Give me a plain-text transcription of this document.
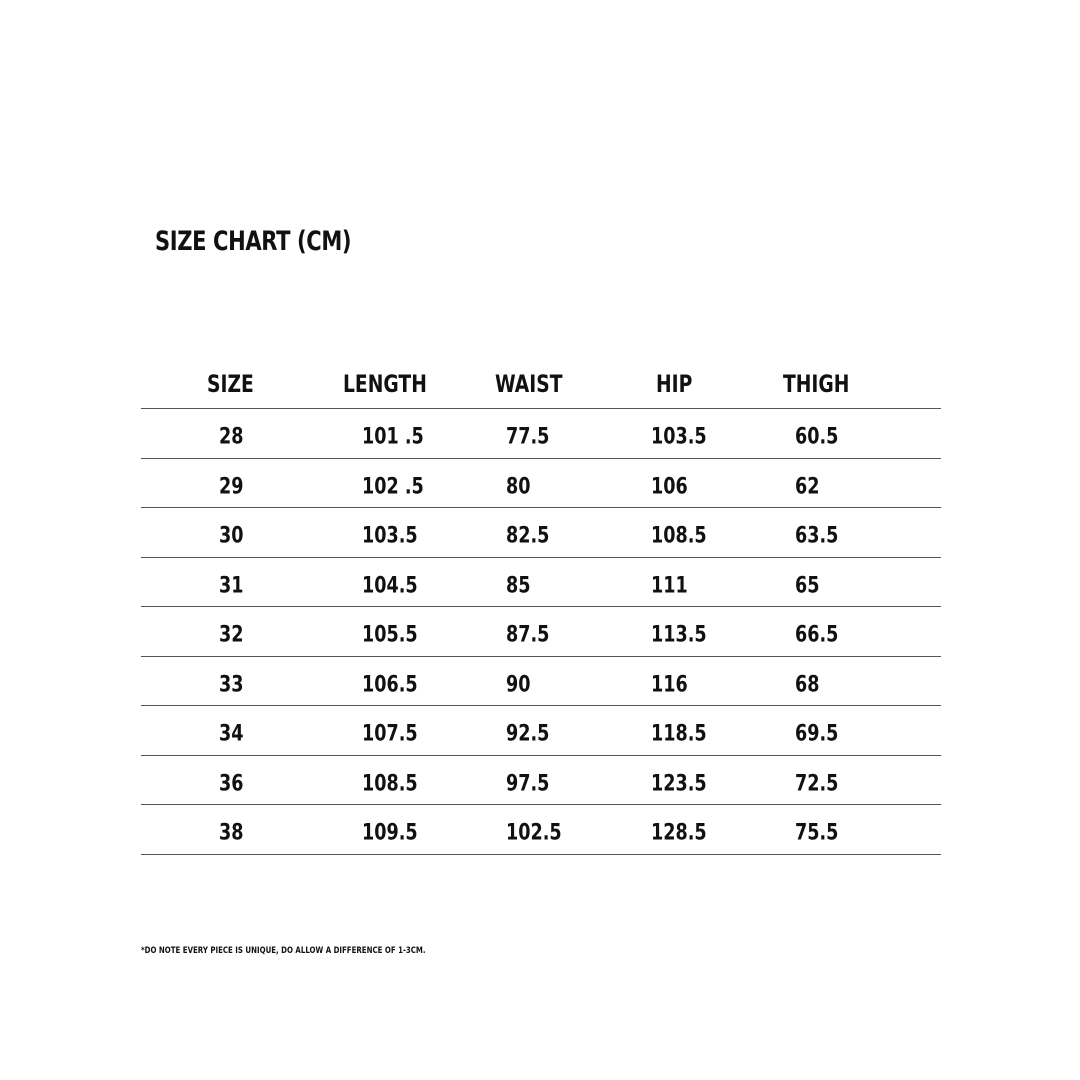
SIZE CHART (CM)
SIZE	LENGTH	WAIST	HIP	THIGH
28	101 .5	77.5	103.5	60.5
29	102 .5	80	106	62
30	103.5	82.5	108.5	63.5
31	104.5	85	111	65
32	105.5	87.5	113.5	66.5
33	106.5	90	116	68
34	107.5	92.5	118.5	69.5
36	108.5	97.5	123.5	72.5
38	109.5	102.5	128.5	75.5
*DO NOTE EVERY PIECE IS UNIQUE, DO ALLOW A DIFFERENCE OF 1-3CM.
